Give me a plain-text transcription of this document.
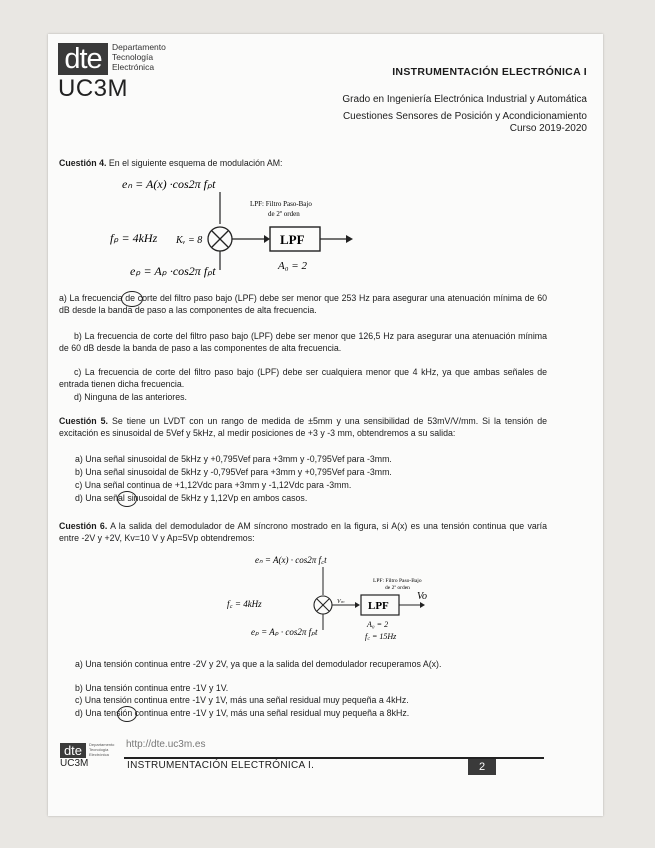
dte	Departamento
Tecnología
Electrónica
UC3M
INSTRUMENTACIÓN ELECTRÓNICA I
Grado en Ingeniería Electrónica Industrial y Automática
Cuestiones Sensores de Posición y Acondicionamiento
Curso 2019-2020
Cuestión 4. En el siguiente esquema de modulación AM:
eₙ = A(x) ·cos2π fₚt
fₚ = 4kHz Kᵥ = 8
eₚ = Aₚ ·cos2π fₚt
LPF: Filtro Paso-Bajo
de 2º orden
LPF
A₀ = 2
a) La frecuencia de corte del filtro paso bajo (LPF) debe ser menor que 253 Hz para asegurar una atenuación mínima de 60 dB desde la banda de paso a las componentes de alta frecuencia.
b) La frecuencia de corte del filtro paso bajo (LPF) debe ser menor que 126,5 Hz para asegurar una atenuación mínima de 60 dB desde la banda de paso a las componentes de alta frecuencia.
c) La frecuencia de corte del filtro paso bajo (LPF) debe ser cualquiera menor que 4 kHz, ya que ambas señales de entrada tienen dicha frecuencia.
d) Ninguna de las anteriores.
Cuestión 5. Se tiene un LVDT con un rango de medida de ±5mm y una sensibilidad de 53mV/V/mm. Si la tensión de excitación es sinusoidal de 5Vef y 5kHz, al medir posiciones de +3 y -3 mm, obtendremos a su salida:
a) Una señal sinusoidal de 5kHz y +0,795Vef para +3mm y -0,795Vef para -3mm.
b) Una señal sinusoidal de 5kHz y -0,795Vef para +3mm y +0,795Vef para -3mm.
c) Una señal continua de +1,12Vdc para +3mm y -1,12Vdc para -3mm.
d) Una señal sinusoidal de 5kHz y 1,12Vp en ambos casos.
Cuestión 6. A la salida del demodulador de AM síncrono mostrado en la figura, si A(x) es una tensión continua que varía entre -2V y +2V, Kv=10 V y Ap=5Vp obtendremos:
eₙ = A(x) · cos2π f꜀t
f꜀ = 4kHz
eₚ = Aₚ · cos2π fₚt
Vₘ
LPF: Filtro Paso-Bajo
de 2º orden
LPF
Vo
A₀ = 2
f꜀ = 15Hz
a) Una tensión continua entre -2V y 2V, ya que a la salida del demodulador recuperamos A(x).
b) Una tensión continua entre -1V y 1V.
c) Una tensión continua entre -1V y 1V, más una señal residual muy pequeña a 4kHz.
d) Una tensión continua entre -1V y 1V, más una señal residual muy pequeña a 8kHz.
http://dte.uc3m.es
dte	Departamento
Tecnología
Electrónica
UC3M	INSTRUMENTACIÓN ELECTRÓNICA I.	2
